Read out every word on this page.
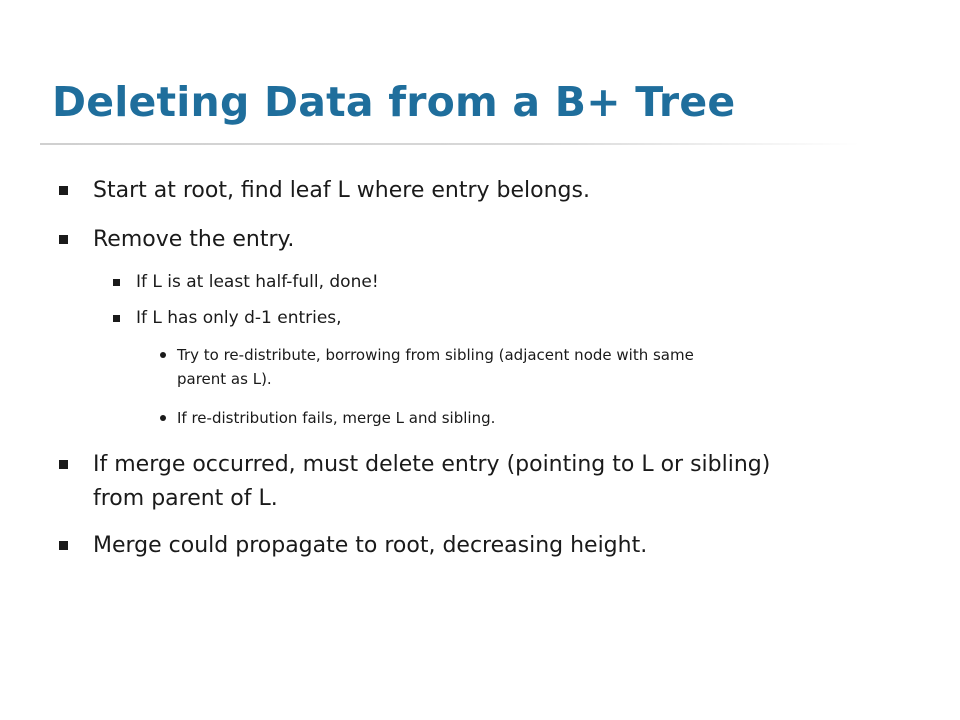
Deleting Data from a B+ Tree
Start at root, find leaf L where entry belongs.
Remove the entry.
If L is at least half-full, done!
If L has only d-1 entries,
Try to re-distribute, borrowing from sibling (adjacent node with same
parent as L).
If re-distribution fails, merge L and sibling.
If merge occurred, must delete entry (pointing to L or sibling)
from parent of L.
Merge could propagate to root, decreasing height.
